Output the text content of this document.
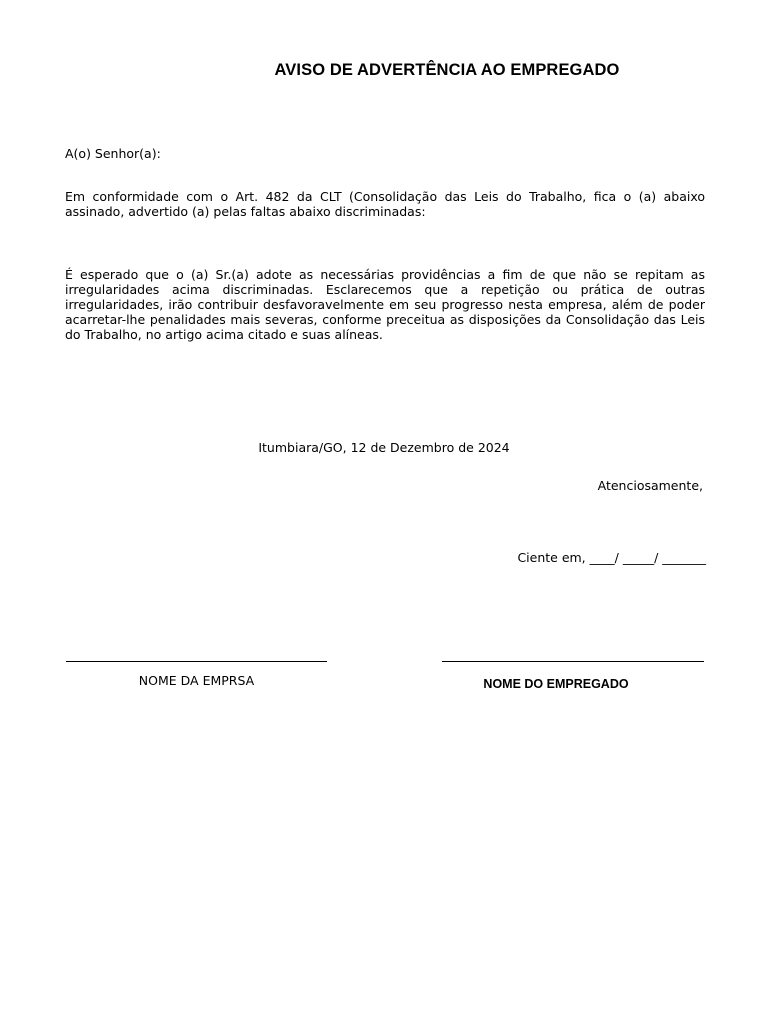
AVISO DE ADVERTÊNCIA AO EMPREGADO
A(o) Senhor(a):
Em conformidade com o Art. 482 da CLT (Consolidação das Leis do Trabalho, fica o (a) abaixo assinado, advertido (a) pelas faltas abaixo discriminadas:
É esperado que o (a) Sr.(a) adote as necessárias providências a fim de que não se repitam as irregularidades acima discriminadas. Esclarecemos que a repetição ou prática de outras irregularidades, irão contribuir desfavoravelmente em seu progresso nesta empresa, além de poder acarretar-lhe penalidades mais severas, conforme preceitua as disposições da Consolidação das Leis do Trabalho, no artigo acima citado e suas alíneas.
Itumbiara/GO, 12 de Dezembro de 2024
Atenciosamente,
Ciente em, ____/ _____/ _______
NOME DA EMPRSA	NOME DO EMPREGADO
